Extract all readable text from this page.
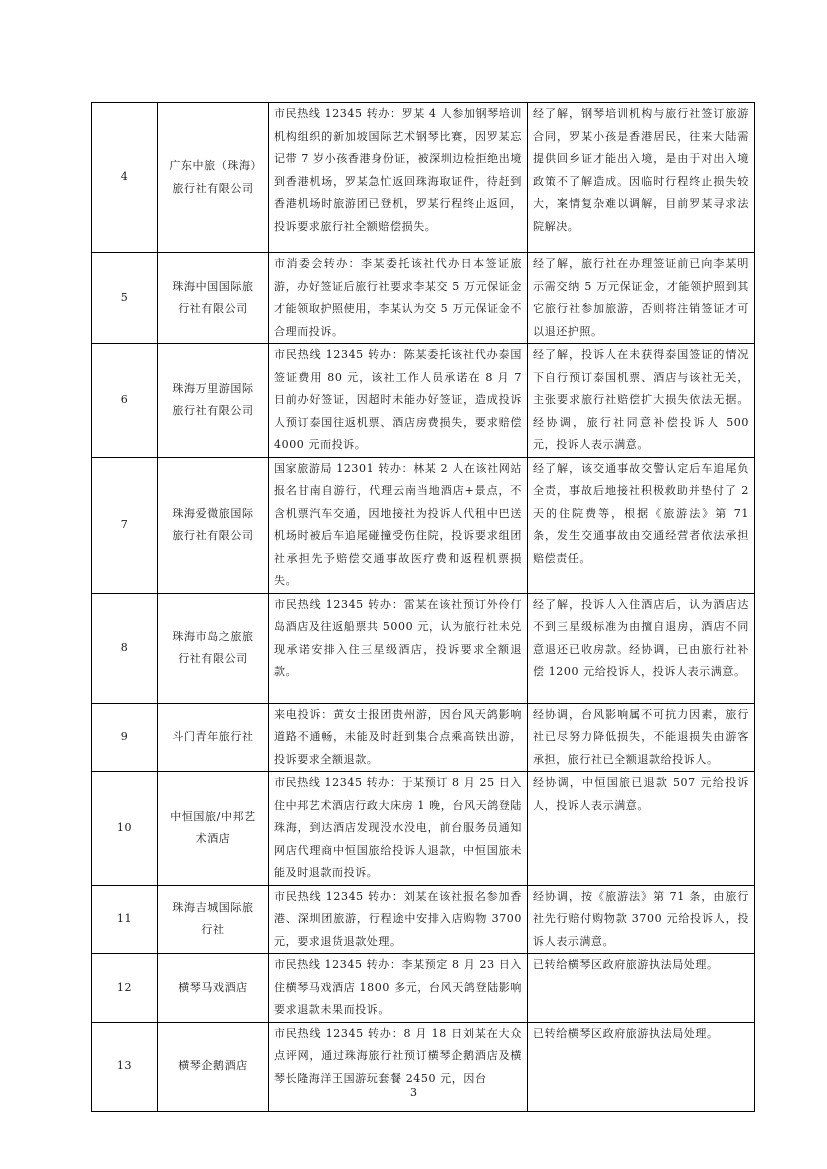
4	广东中旅（珠海）旅行社有限公司	市民热线 12345 转办：罗某 4 人参加钢琴培训机构组织的新加坡国际艺术钢琴比赛，因罗某忘记带 7 岁小孩香港身份证，被深圳边检拒绝出境到香港机场，罗某急忙返回珠海取证件，待赶到香港机场时旅游团已登机，罗某行程终止返回，投诉要求旅行社全额赔偿损失。	经了解，钢琴培训机构与旅行社签订旅游合同，罗某小孩是香港居民，往来大陆需提供回乡证才能出入境，是由于对出入境政策不了解造成。因临时行程终止损失较大，案情复杂难以调解，目前罗某寻求法院解决。
5	珠海中国国际旅行社有限公司	市消委会转办：李某委托该社代办日本签证旅游，办好签证后旅行社要求李某交 5 万元保证金才能领取护照使用，李某认为交 5 万元保证金不合理而投诉。	经了解，旅行社在办理签证前已向李某明示需交纳 5 万元保证金，才能领护照到其它旅行社参加旅游，否则将注销签证才可以退还护照。
6	珠海万里游国际旅行社有限公司	市民热线 12345 转办：陈某委托该社代办泰国签证费用 80 元，该社工作人员承诺在 8 月 7 日前办好签证，因超时未能办好签证，造成投诉人预订泰国往返机票、酒店房费损失，要求赔偿 4000 元而投诉。	经了解，投诉人在未获得泰国签证的情况下自行预订泰国机票、酒店与该社无关，主张要求旅行社赔偿扩大损失依法无据。经协调，旅行社同意补偿投诉人 500 元，投诉人表示满意。
7	珠海爱微旅国际旅行社有限公司	国家旅游局 12301 转办：林某 2 人在该社网站报名甘南自游行，代理云南当地酒店+景点，不含机票汽车交通，因地接社为投诉人代租中巴送机场时被后车追尾碰撞受伤住院，投诉要求组团社承担先予赔偿交通事故医疗费和返程机票损失。	经了解，该交通事故交警认定后车追尾负全责，事故后地接社积极救助并垫付了 2 天的住院费等，根据《旅游法》第 71 条，发生交通事故由交通经营者依法承担赔偿责任。
8	珠海市岛之旅旅行社有限公司	市民热线 12345 转办：雷某在该社预订外伶仃岛酒店及往返船票共 5000 元，认为旅行社未兑现承诺安排入住三星级酒店，投诉要求全额退款。	经了解，投诉人入住酒店后，认为酒店达不到三星级标准为由擅自退房，酒店不同意退还已收房款。经协调，已由旅行社补偿 1200 元给投诉人，投诉人表示满意。
9	斗门青年旅行社	来电投诉：黄女士报团贵州游，因台风天鸽影响道路不通畅，未能及时赶到集合点乘高铁出游，投诉要求全额退款。	经协调，台风影响属不可抗力因素，旅行社已尽努力降低损失，不能退损失由游客承担，旅行社已全额退款给投诉人。
10	中恒国旅/中邦艺术酒店	市民热线 12345 转办：于某预订 8 月 25 日入住中邦艺术酒店行政大床房 1 晚，台风天鸽登陆珠海，到达酒店发现没水没电，前台服务员通知网店代理商中恒国旅给投诉人退款，中恒国旅未能及时退款而投诉。	经协调，中恒国旅已退款 507 元给投诉人，投诉人表示满意。
11	珠海吉城国际旅行社	市民热线 12345 转办：刘某在该社报名参加香港、深圳团旅游，行程途中安排入店购物 3700 元，要求退货退款处理。	经协调，按《旅游法》第 71 条，由旅行社先行赔付购物款 3700 元给投诉人，投诉人表示满意。
12	横琴马戏酒店	市民热线 12345 转办：李某预定 8 月 23 日入住横琴马戏酒店 1800 多元，台风天鸽登陆影响要求退款未果而投诉。	已转给横琴区政府旅游执法局处理。
13	横琴企鹅酒店	市民热线 12345 转办：8 月 18 日刘某在大众点评网，通过珠海旅行社预订横琴企鹅酒店及横琴长隆海洋王国游玩套餐 2450 元，因台	已转给横琴区政府旅游执法局处理。
3
